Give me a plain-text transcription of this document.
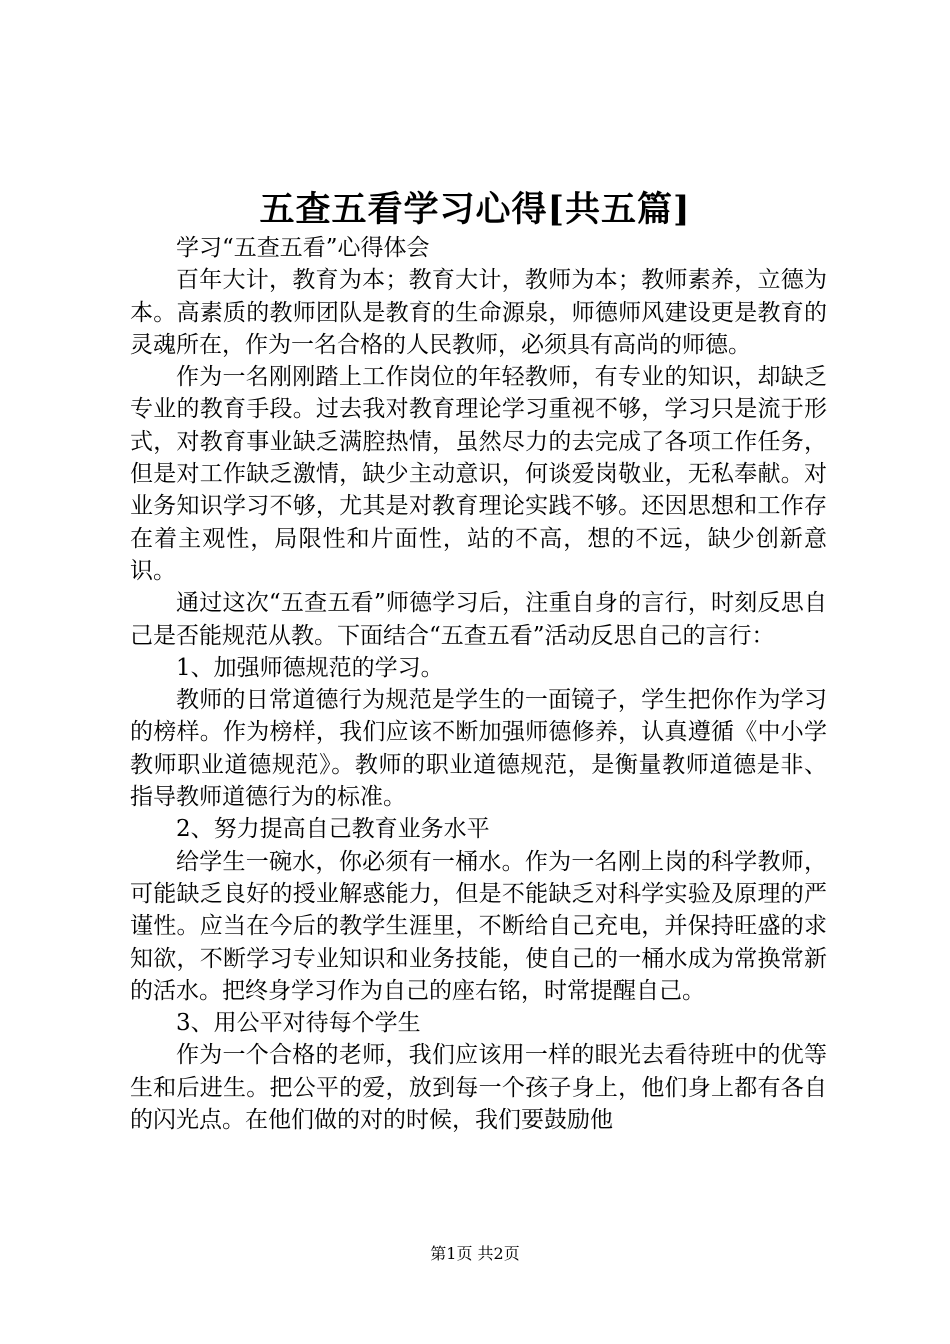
五查五看学习心得[共五篇]

学习“五查五看”心得体会

百年大计，教育为本；教育大计，教师为本；教师素养，立德为本。高素质的教师团队是教育的生命源泉，师德师风建设更是教育的灵魂所在，作为一名合格的人民教师，必须具有高尚的师德。

作为一名刚刚踏上工作岗位的年轻教师，有专业的知识，却缺乏专业的教育手段。过去我对教育理论学习重视不够，学习只是流于形式，对教育事业缺乏满腔热情，虽然尽力的去完成了各项工作任务，但是对工作缺乏激情，缺少主动意识，何谈爱岗敬业，无私奉献。对业务知识学习不够，尤其是对教育理论实践不够。还因思想和工作存在着主观性，局限性和片面性，站的不高，想的不远，缺少创新意识。

通过这次“五查五看”师德学习后，注重自身的言行，时刻反思自己是否能规范从教。下面结合“五查五看”活动反思自己的言行：

1、加强师德规范的学习。

教师的日常道德行为规范是学生的一面镜子，学生把你作为学习的榜样。作为榜样，我们应该不断加强师德修养，认真遵循《中小学教师职业道德规范》。教师的职业道德规范，是衡量教师道德是非、指导教师道德行为的标准。

2、努力提高自己教育业务水平

给学生一碗水，你必须有一桶水。作为一名刚上岗的科学教师，可能缺乏良好的授业解惑能力，但是不能缺乏对科学实验及原理的严谨性。应当在今后的教学生涯里，不断给自己充电，并保持旺盛的求知欲，不断学习专业知识和业务技能，使自己的一桶水成为常换常新的活水。把终身学习作为自己的座右铭，时常提醒自己。

3、用公平对待每个学生

作为一个合格的老师，我们应该用一样的眼光去看待班中的优等生和后进生。把公平的爱，放到每一个孩子身上，他们身上都有各自的闪光点。在他们做的对的时候，我们要鼓励他

第1页 共2页
